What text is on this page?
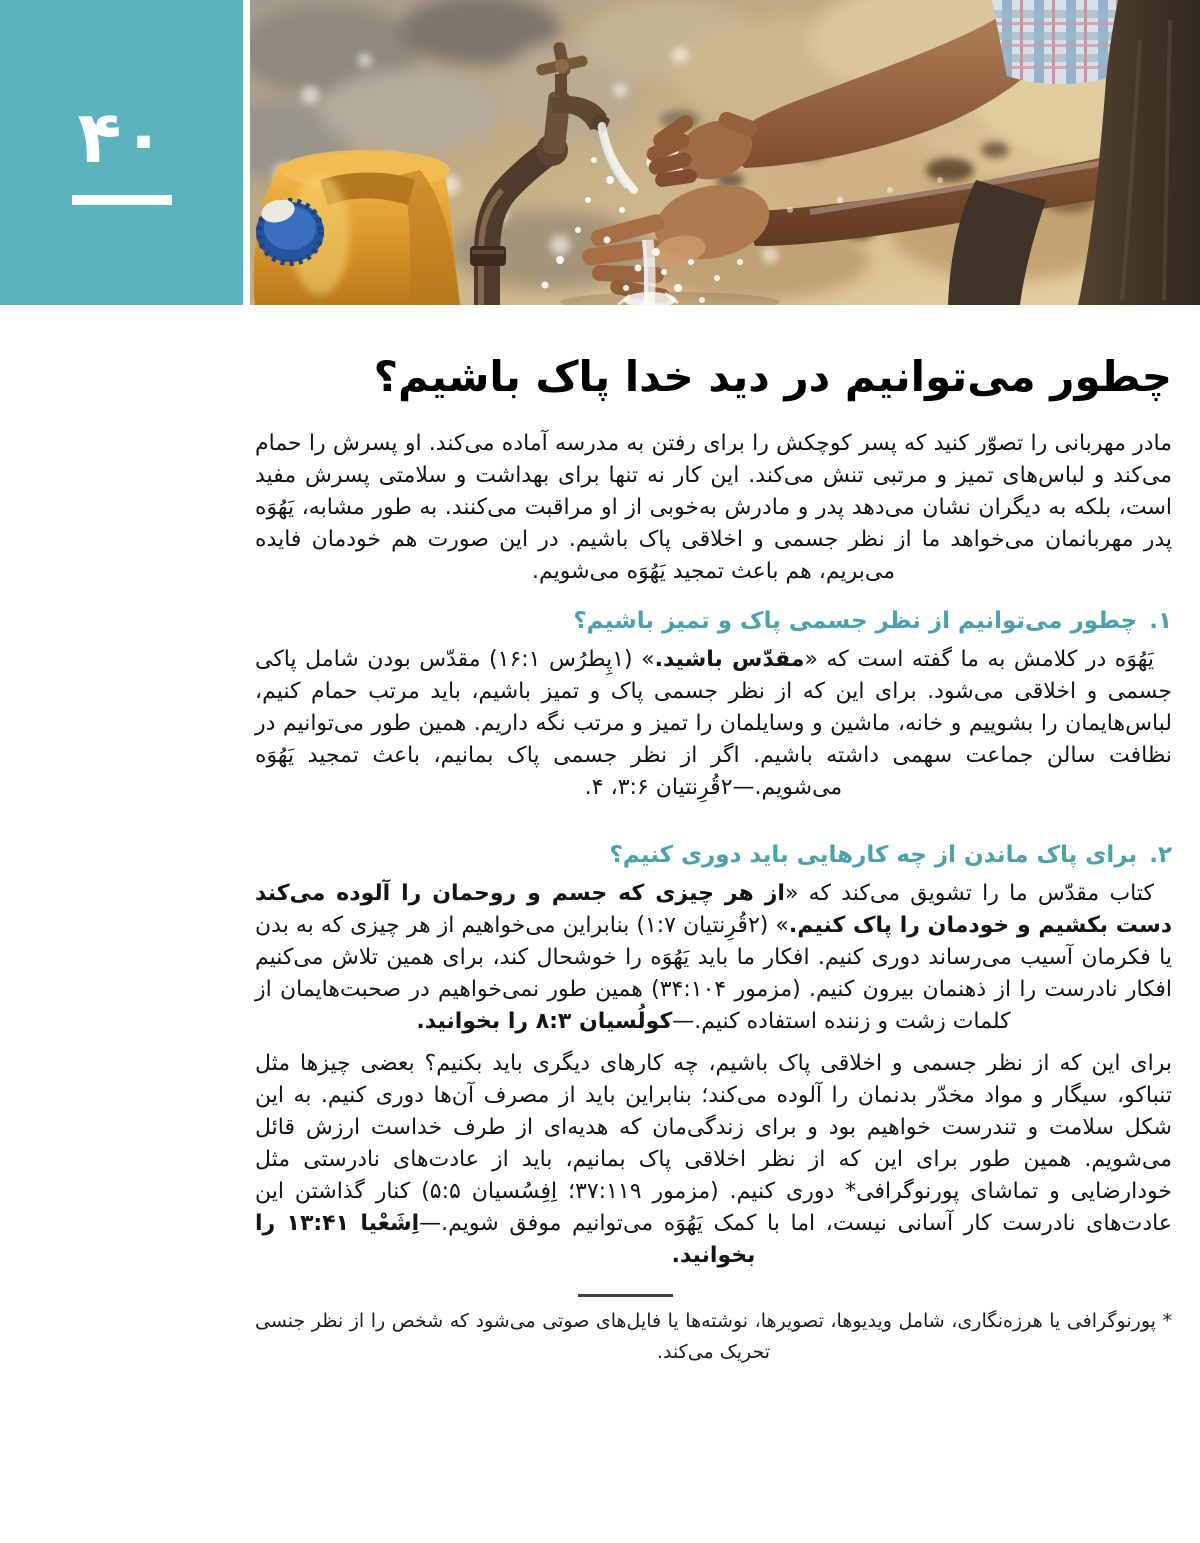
۴۰
چطور می‌توانیم در دید خدا پاک باشیم؟

مادر مهربانی را تصوّر کنید که پسر کوچکش را برای رفتن به مدرسه آماده می‌کند. او پسرش را حمام می‌کند و لباس‌های تمیز و مرتبی تنش می‌کند. این کار نه تنها برای بهداشت و سلامتی پسرش مفید است، بلکه به دیگران نشان می‌دهد پدر و مادرش به‌خوبی از او مراقبت می‌کنند. به طور مشابه، یَهُوَه پدر مهربانمان می‌خواهد ما از نظر جسمی و اخلاقی پاک باشیم. در این صورت هم خودمان فایده می‌بریم، هم باعث تمجید یَهُوَه می‌شویم.

۱.چطور می‌توانیم از نظر جسمی پاک و تمیز باشیم؟

یَهُوَه در کلامش به ما گفته است که «مقدّس باشید.» (۱پِطرُس ۱۶:۱) مقدّس بودن شامل پاکی جسمی و اخلاقی می‌شود. برای این که از نظر جسمی پاک و تمیز باشیم، باید مرتب حمام کنیم، لباس‌هایمان را بشوییم و خانه، ماشین و وسایلمان را تمیز و مرتب نگه داریم. همین طور می‌توانیم در نظافت سالن جماعت سهمی داشته باشیم. اگر از نظر جسمی پاک بمانیم، باعث تمجید یَهُوَه می‌شویم.—۲قُرِنتیان ۳:۶، ۴.

۲.برای پاک ماندن از چه کارهایی باید دوری کنیم؟

کتاب مقدّس ما را تشویق می‌کند که «از هر چیزی که جسم و روحمان را آلوده می‌کند دست بکشیم و خودمان را پاک کنیم.» (۲قُرِنتیان ۱:۷) بنابراین می‌خواهیم از هر چیزی که به بدن یا فکرمان آسیب می‌رساند دوری کنیم. افکار ما باید یَهُوَه را خوشحال کند، برای همین تلاش می‌کنیم افکار نادرست را از ذهنمان بیرون کنیم. (مزمور ۳۴:۱۰۴) همین طور نمی‌خواهیم در صحبت‌هایمان از کلمات زشت و زننده استفاده کنیم.—کولُسیان ۸:۳ را بخوانید.

برای این که از نظر جسمی و اخلاقی پاک باشیم، چه کارهای دیگری باید بکنیم؟ بعضی چیزها مثل تنباکو، سیگار و مواد مخدّر بدنمان را آلوده می‌کند؛ بنابراین باید از مصرف آن‌ها دوری کنیم. به این شکل سلامت و تندرست خواهیم بود و برای زندگی‌مان که هدیه‌ای از طرف خداست ارزش قائل می‌شویم. همین طور برای این که از نظر اخلاقی پاک بمانیم، باید از عادت‌های نادرستی مثل خودارضایی و تماشای پورنوگرافی* دوری کنیم. (مزمور ۳۷:۱۱۹؛ اِفِسُسیان ۵:۵) کنار گذاشتن این عادت‌های نادرست کار آسانی نیست، اما با کمک یَهُوَه می‌توانیم موفق شویم.—اِشَعْیا ۱۳:۴۱ را بخوانید.

* پورنوگرافی یا هرزه‌نگاری، شامل ویدیوها، تصویرها، نوشته‌ها یا فایل‌های صوتی می‌شود که شخص را از نظر جنسی تحریک می‌کند.
